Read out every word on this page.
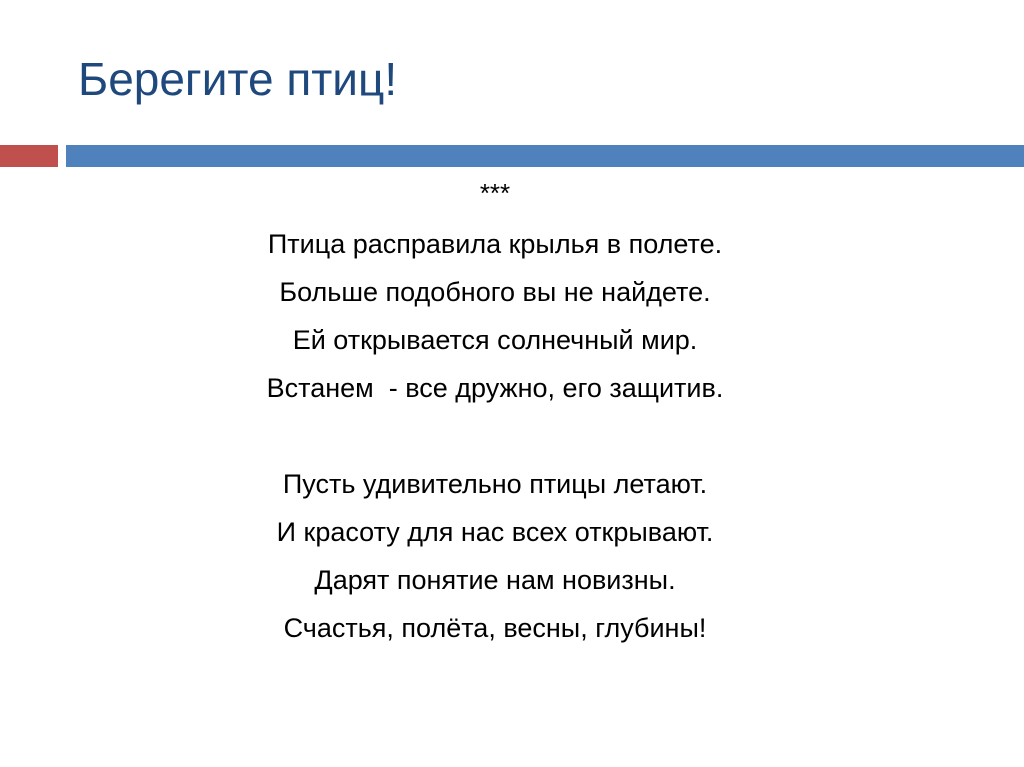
Берегите птиц!
***
Птица расправила крылья в полете.
Больше подобного вы не найдете.
Ей открывается солнечный мир.
Встанем  - все дружно, его защитив.
Пусть удивительно птицы летают.
И красоту для нас всех открывают.
Дарят понятие нам новизны.
Счастья, полёта, весны, глубины!
